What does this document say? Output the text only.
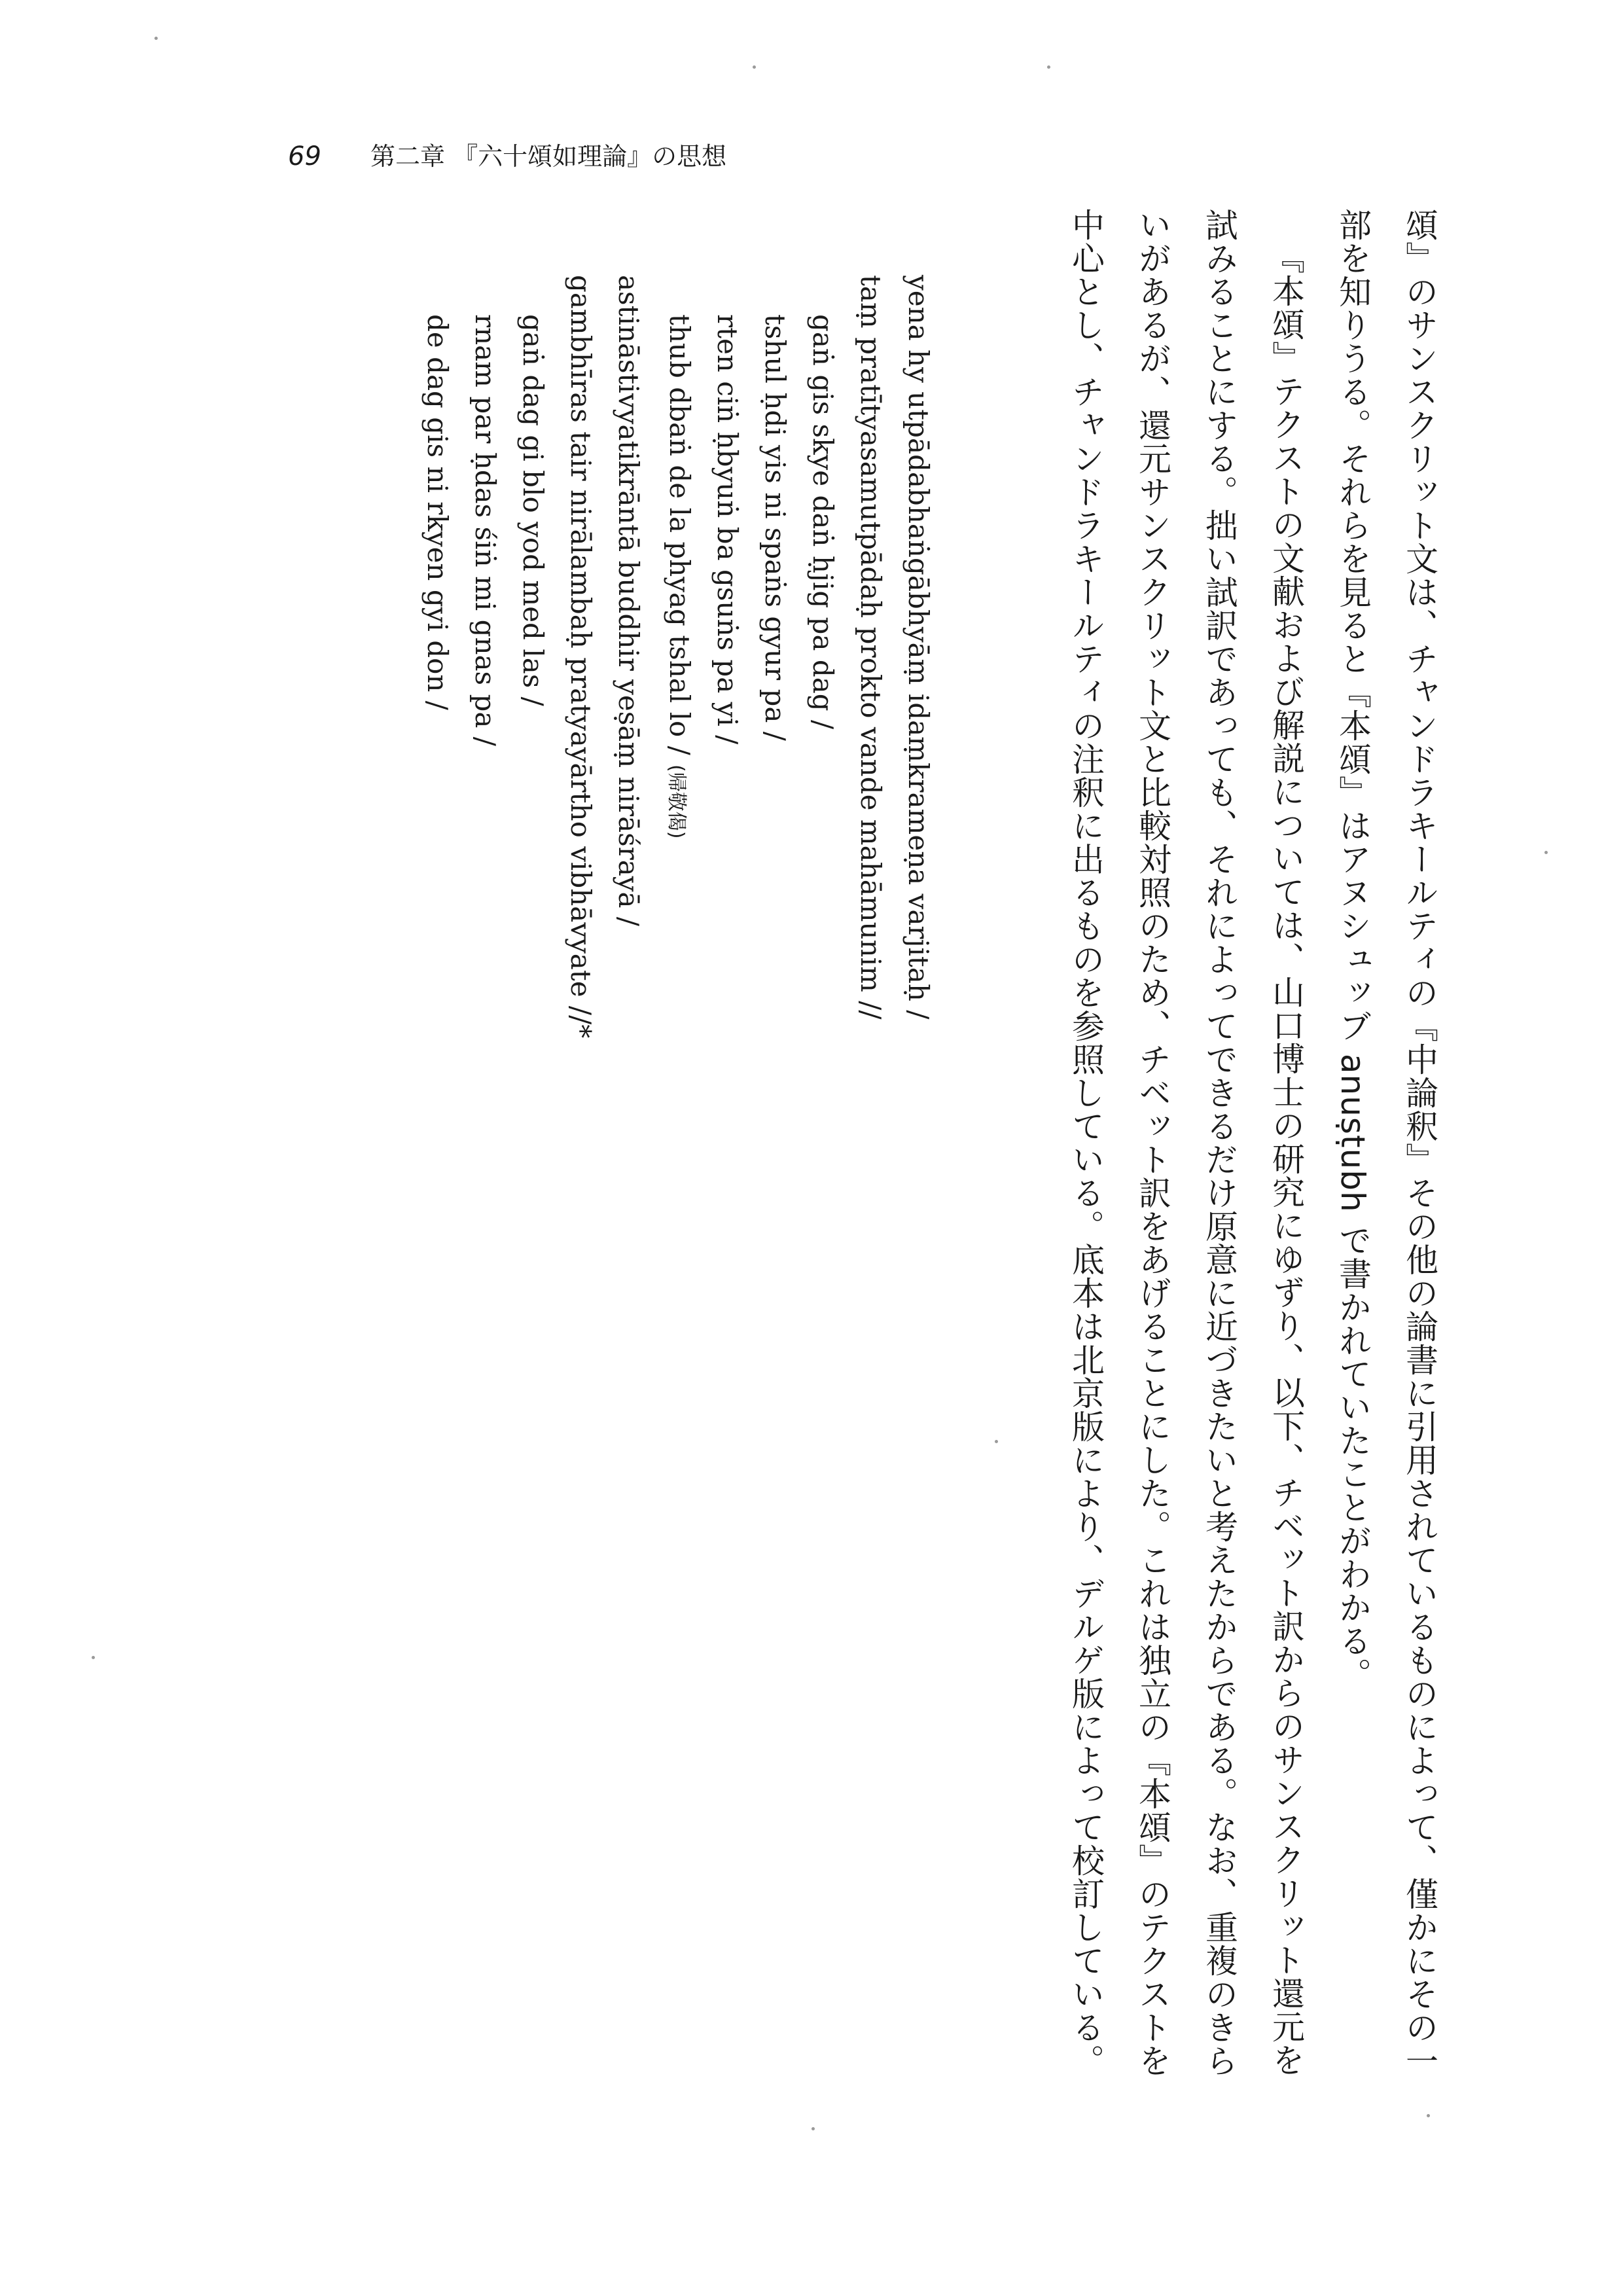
69 第二章 『六十頌如理論』の思想

頌』のサンスクリット文は、チャンドラキールティの『中論釈』その他の論書に引用されているものによって、僅かにその一部を知りうる。それらを見ると『本頌』はアヌシュッブ anuṣṭubh で書かれていたことがわかる。

『本頌』テクストの文献および解説については、山口博士の研究にゆずり、以下、チベット訳からのサンスクリット還元を試みることにする。拙い試訳であっても、それによってできるだけ原意に近づきたいと考えたからである。なお、重複のきらいがあるが、還元サンスクリット文と比較対照のため、チベット訳をあげることにした。これは独立の『本頌』のテクストを中心とし、チャンドラキールティの注釈に出るものを参照している。底本は北京版により、デルゲ版によって校訂している。

yena hy utpādabhaṅgābhyāṃ idaṃkrameṇa varjitaḥ /

taṃ pratītyasamutpādaḥ prokto vande mahāmunim //

gaṅ gis skye daṅ ḥjig pa dag /

tshul ḥdi yis ni spaṅs gyur pa /

rten ciṅ ḥbyuṅ ba gsuṅs pa yi /

thub dbaṅ de la phyag tshal lo /(帰敬偈)

astināstivyatikrāntā buddhir yeṣāṃ nirāśrayā /

gambhīras tair nirālambaḥ pratyayārtho vibhāvyate //*

gaṅ dag gi blo yod med las /

rnam par ḥdas śiṅ mi gnas pa /

de dag gis ni rkyen gyi don /
